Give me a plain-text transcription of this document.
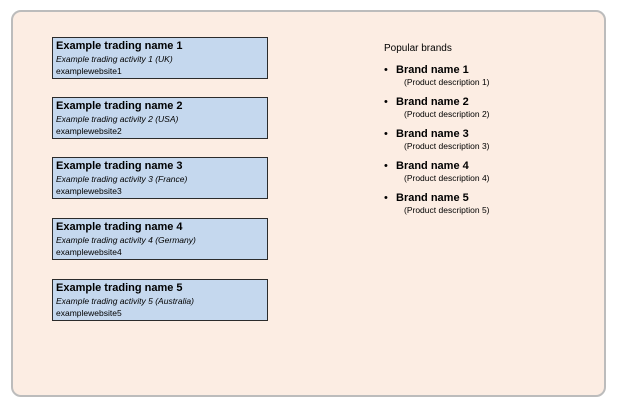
Example trading name 1
Example trading activity 1 (UK)
examplewebsite1
Example trading name 2
Example trading activity 2 (USA)
examplewebsite2
Example trading name 3
Example trading activity 3 (France)
examplewebsite3
Example trading name 4
Example trading activity 4 (Germany)
examplewebsite4
Example trading name 5
Example trading activity 5 (Australia)
examplewebsite5
Popular brands
• Brand name 1
(Product description 1)
• Brand name 2
(Product description 2)
• Brand name 3
(Product description 3)
• Brand name 4
(Product description 4)
• Brand name 5
(Product description 5)
